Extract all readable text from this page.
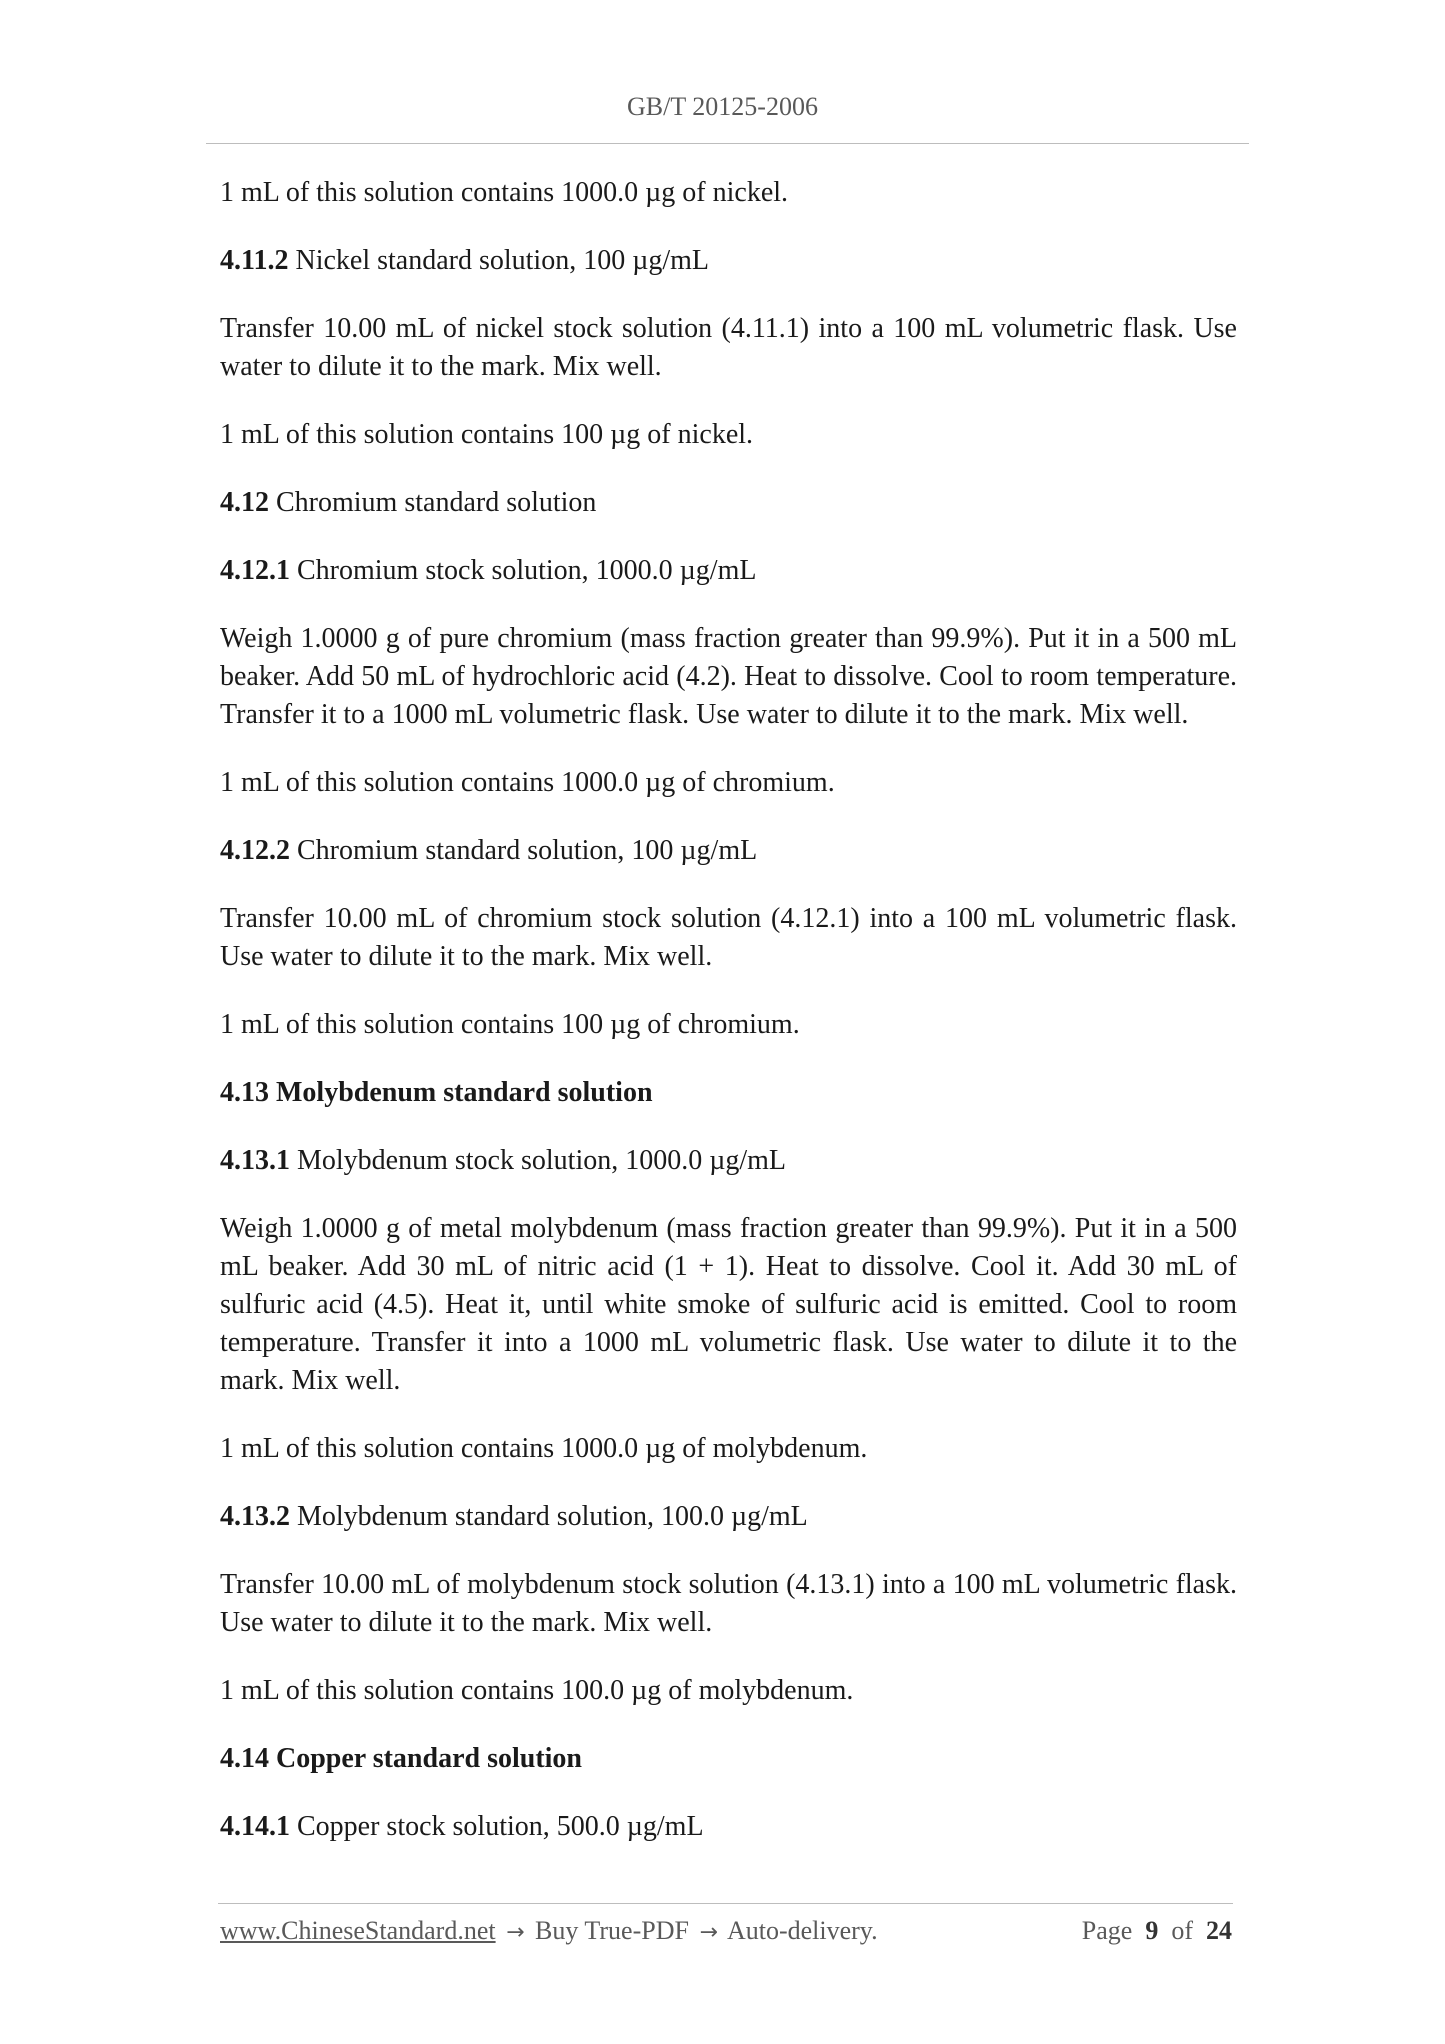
GB/T 20125-2006

1 mL of this solution contains 1000.0 µg of nickel.

4.11.2 Nickel standard solution, 100 µg/mL

Transfer 10.00 mL of nickel stock solution (4.11.1) into a 100 mL volumetric flask. Use water to dilute it to the mark. Mix well.

1 mL of this solution contains 100 µg of nickel.

4.12 Chromium standard solution

4.12.1 Chromium stock solution, 1000.0 µg/mL

Weigh 1.0000 g of pure chromium (mass fraction greater than 99.9%). Put it in a 500 mL beaker. Add 50 mL of hydrochloric acid (4.2). Heat to dissolve. Cool to room temperature. Transfer it to a 1000 mL volumetric flask. Use water to dilute it to the mark. Mix well.

1 mL of this solution contains 1000.0 µg of chromium.

4.12.2 Chromium standard solution, 100 µg/mL

Transfer 10.00 mL of chromium stock solution (4.12.1) into a 100 mL volumetric flask. Use water to dilute it to the mark. Mix well.

1 mL of this solution contains 100 µg of chromium.

4.13 Molybdenum standard solution

4.13.1 Molybdenum stock solution, 1000.0 µg/mL

Weigh 1.0000 g of metal molybdenum (mass fraction greater than 99.9%). Put it in a 500 mL beaker. Add 30 mL of nitric acid (1 + 1). Heat to dissolve. Cool it. Add 30 mL of sulfuric acid (4.5). Heat it, until white smoke of sulfuric acid is emitted. Cool to room temperature. Transfer it into a 1000 mL volumetric flask. Use water to dilute it to the mark. Mix well.

1 mL of this solution contains 1000.0 µg of molybdenum.

4.13.2 Molybdenum standard solution, 100.0 µg/mL

Transfer 10.00 mL of molybdenum stock solution (4.13.1) into a 100 mL volumetric flask. Use water to dilute it to the mark. Mix well.

1 mL of this solution contains 100.0 µg of molybdenum.

4.14 Copper standard solution

4.14.1 Copper stock solution, 500.0 µg/mL

www.ChineseStandard.net → Buy True-PDF → Auto-delivery.	Page 9 of 24
